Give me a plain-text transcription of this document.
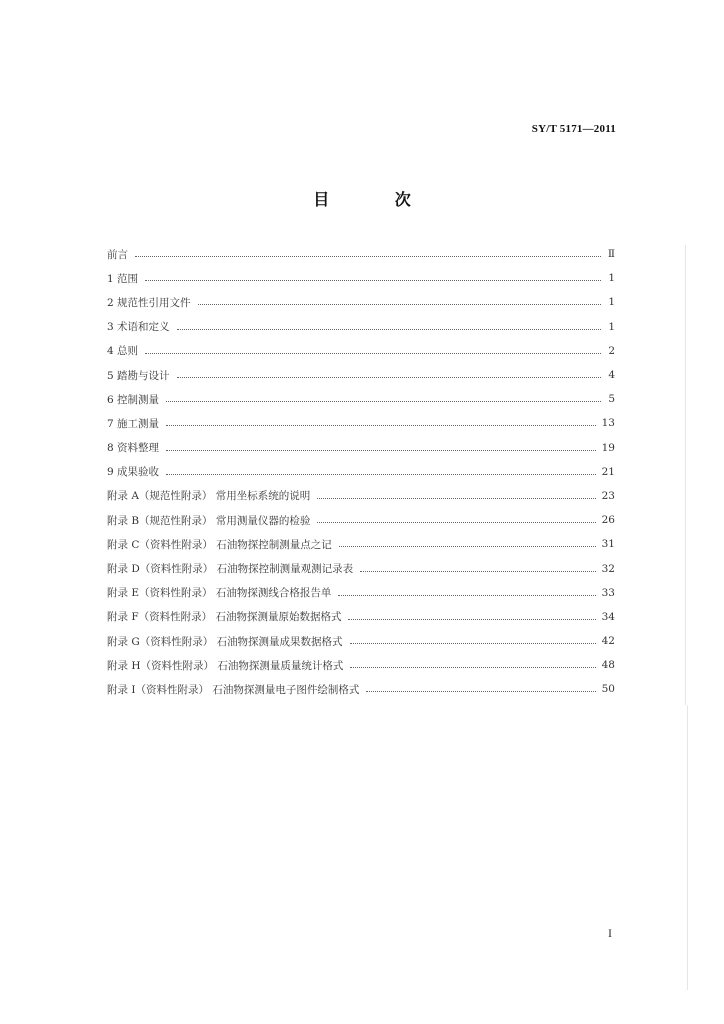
SY/T 5171—2011
目 次
前言	Ⅱ
1 范围	1
2 规范性引用文件	1
3 术语和定义	1
4 总则	2
5 踏勘与设计	4
6 控制测量	5
7 施工测量	13
8 资料整理	19
9 成果验收	21
附录 A（规范性附录） 常用坐标系统的说明	23
附录 B（规范性附录） 常用测量仪器的检验	26
附录 C（资料性附录） 石油物探控制测量点之记	31
附录 D（资料性附录） 石油物探控制测量观测记录表	32
附录 E（资料性附录） 石油物探测线合格报告单	33
附录 F（资料性附录） 石油物探测量原始数据格式	34
附录 G（资料性附录） 石油物探测量成果数据格式	42
附录 H（资料性附录） 石油物探测量质量统计格式	48
附录 I（资料性附录） 石油物探测量电子图件绘制格式	50
I
